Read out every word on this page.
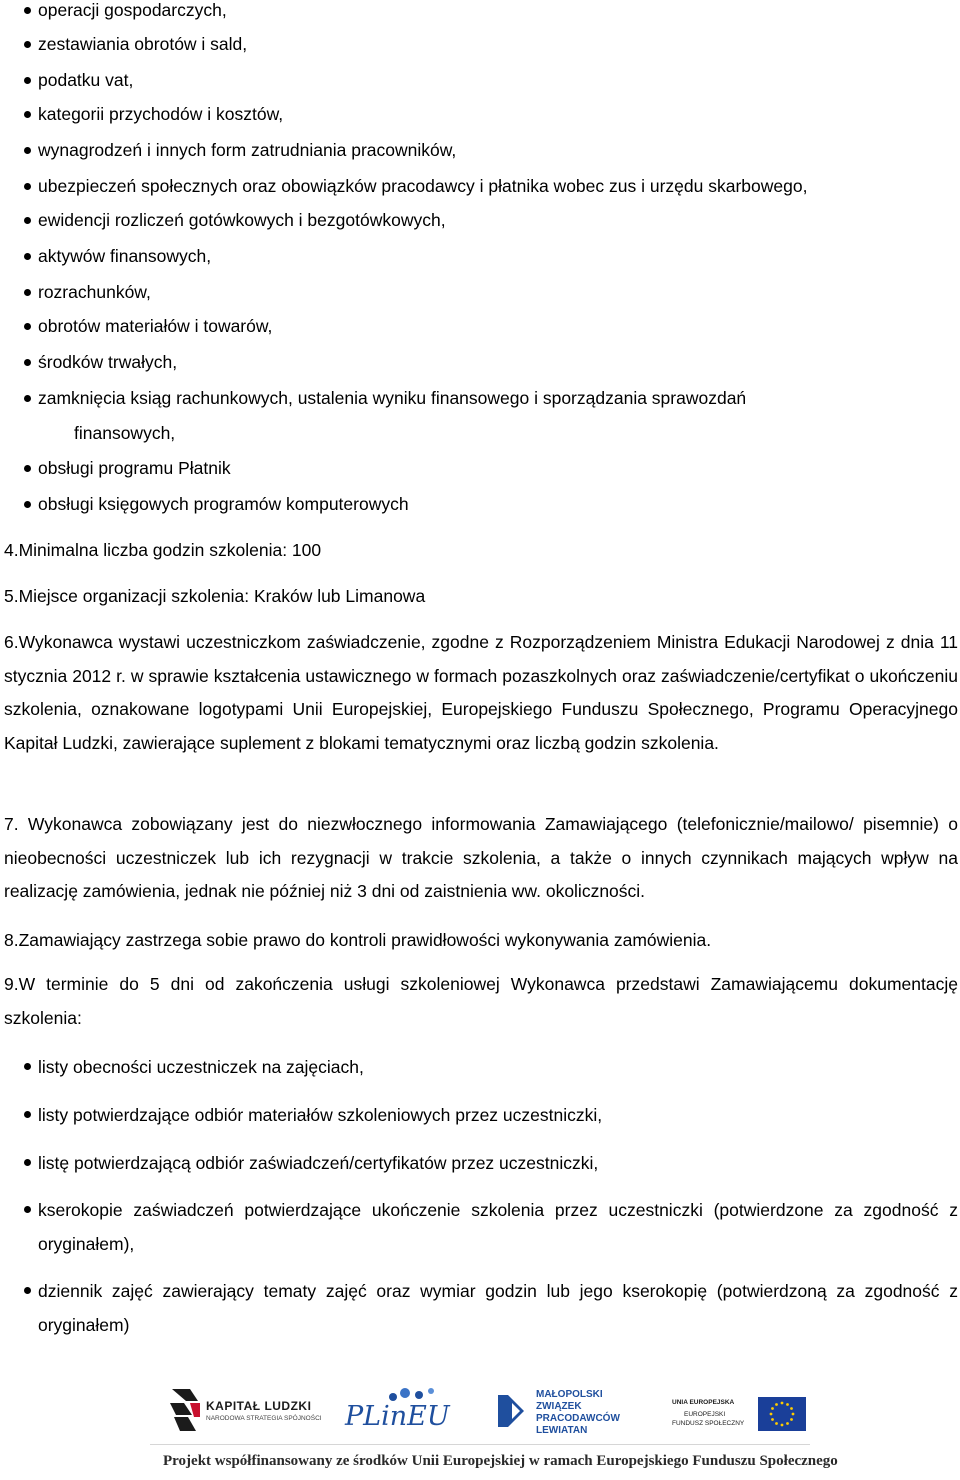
operacji gospodarczych,
zestawiania obrotów i sald,
podatku vat,
kategorii przychodów i kosztów,
wynagrodzeń i innych form zatrudniania pracowników,
ubezpieczeń społecznych oraz obowiązków pracodawcy i płatnika wobec zus i urzędu skarbowego,
ewidencji rozliczeń gotówkowych i bezgotówkowych,
aktywów finansowych,
rozrachunków,
obrotów materiałów i towarów,
środków trwałych,
zamknięcia ksiąg rachunkowych, ustalenia wyniku finansowego i sporządzania sprawozdań
finansowych,
obsługi programu Płatnik
obsługi księgowych programów komputerowych
4.Minimalna liczba godzin szkolenia: 100
5.Miejsce organizacji szkolenia: Kraków lub Limanowa
6.Wykonawca wystawi uczestniczkom zaświadczenie, zgodne z Rozporządzeniem Ministra Edukacji Narodowej z dnia 11 stycznia 2012 r. w sprawie kształcenia ustawicznego w formach pozaszkolnych oraz zaświadczenie/certyfikat o ukończeniu szkolenia, oznakowane logotypami Unii Europejskiej, Europejskiego Funduszu Społecznego, Programu Operacyjnego Kapitał Ludzki, zawierające suplement z blokami tematycznymi oraz liczbą godzin szkolenia.
7. Wykonawca zobowiązany jest do niezwłocznego informowania Zamawiającego (telefonicznie/mailowo/ pisemnie) o nieobecności uczestniczek lub ich rezygnacji w trakcie szkolenia, a także o innych czynnikach mających wpływ na realizację zamówienia, jednak nie później niż 3 dni od zaistnienia ww. okoliczności.
8.Zamawiający zastrzega sobie prawo do kontroli prawidłowości wykonywania zamówienia.
9.W terminie do 5 dni od zakończenia usługi szkoleniowej Wykonawca przedstawi Zamawiającemu dokumentację szkolenia:
listy obecności uczestniczek na zajęciach,
listy potwierdzające odbiór materiałów szkoleniowych przez uczestniczki,
listę potwierdzającą odbiór zaświadczeń/certyfikatów przez uczestniczki,
kserokopie zaświadczeń potwierdzające ukończenie szkolenia przez uczestniczki (potwierdzone za zgodność z oryginałem),
dziennik zajęć zawierający tematy zajęć oraz wymiar godzin lub jego kserokopię (potwierdzoną za zgodność z oryginałem)
KAPITAŁ LUDZKI
NARODOWA STRATEGIA SPÓJNOŚCI PLinEU
MAŁOPOLSKI
ZWIĄZEK
PRACODAWCÓW
LEWIATAN
UNIA EUROPEJSKA
EUROPEJSKI
FUNDUSZ SPOŁECZNY
Projekt współfinansowany ze środków Unii Europejskiej w ramach Europejskiego Funduszu Społecznego
